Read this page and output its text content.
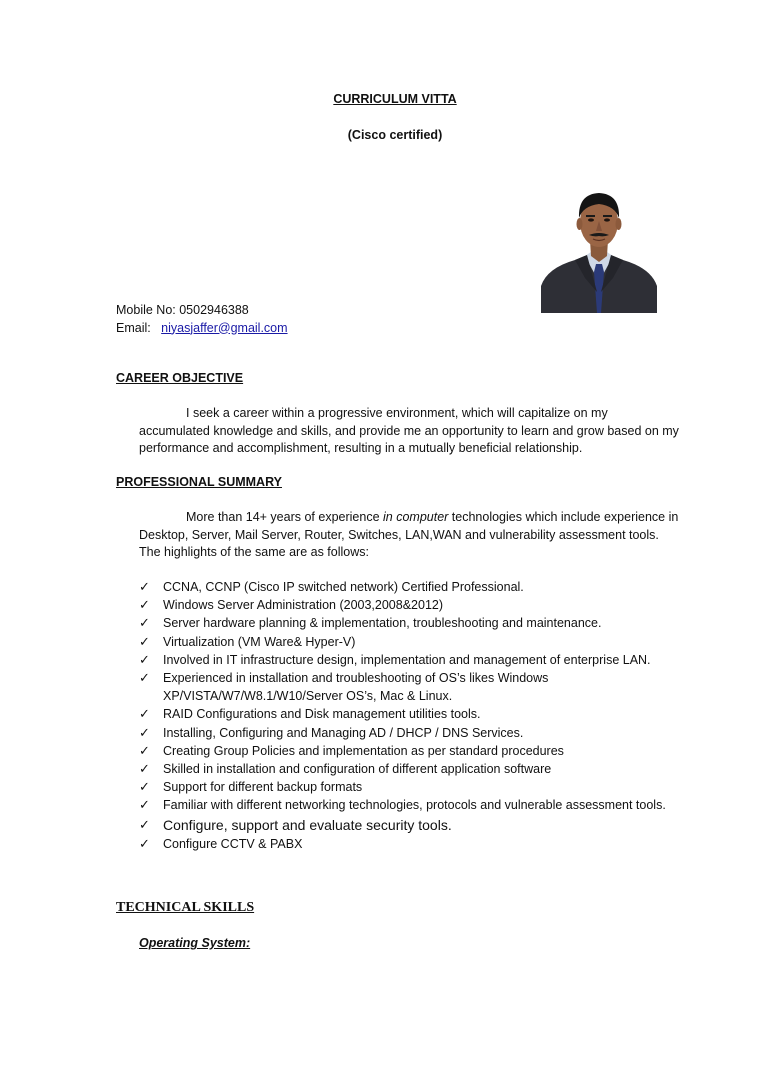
CURRICULUM VITTA
(Cisco certified)
Mobile No: 0502946388
Email: niyasjaffer@gmail.com
CAREER OBJECTIVE
I seek a career within a progressive environment, which will capitalize on my accumulated knowledge and skills, and provide me an opportunity to learn and grow based on my performance and accomplishment, resulting in a mutually beneficial relationship.
PROFESSIONAL SUMMARY
More than 14+ years of experience in computer technologies which include experience in Desktop, Server, Mail Server, Router, Switches, LAN,WAN and vulnerability assessment tools. The highlights of the same are as follows:
✓ CCNA, CCNP (Cisco IP switched network) Certified Professional.
✓ Windows Server Administration (2003,2008&2012)
✓ Server hardware planning & implementation, troubleshooting and maintenance.
✓ Virtualization (VM Ware& Hyper-V)
✓ Involved in IT infrastructure design, implementation and management of enterprise LAN.
✓ Experienced in installation and troubleshooting of OS’s likes Windows XP/VISTA/W7/W8.1/W10/Server OS’s, Mac & Linux.
✓ RAID Configurations and Disk management utilities tools.
✓ Installing, Configuring and Managing AD / DHCP / DNS Services.
✓ Creating Group Policies and implementation as per standard procedures
✓ Skilled in installation and configuration of different application software
✓ Support for different backup formats
✓ Familiar with different networking technologies, protocols and vulnerable assessment tools.
✓ Configure, support and evaluate security tools.
✓ Configure CCTV & PABX
TECHNICAL SKILLS
Operating System:
